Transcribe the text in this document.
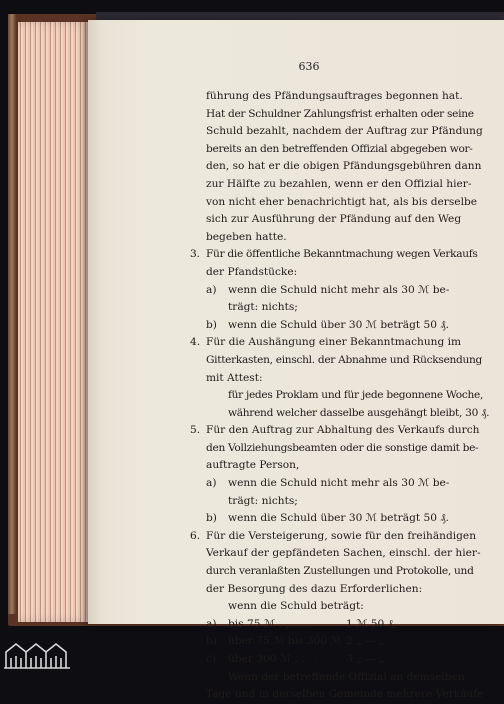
636
führung des Pfändungsauftrages begonnen hat.
Hat der Schuldner Zahlungsfrist erhalten oder seine
Schuld bezahlt, nachdem der Auftrag zur Pfändung
bereits an den betreffenden Offizial abgegeben wor-
den, so hat er die obigen Pfändungsgebühren dann
zur Hälfte zu bezahlen, wenn er den Offizial hier-
von nicht eher benachrichtigt hat, als bis derselbe
sich zur Ausführung der Pfändung auf den Weg
begeben hatte.
3. Für die öffentliche Bekanntmachung wegen Verkaufs
der Pfandstücke:
a) wenn die Schuld nicht mehr als 30 ℳ be-
trägt: nichts;
b) wenn die Schuld über 30 ℳ beträgt 50 ₰.
4. Für die Aushängung einer Bekanntmachung im
Gitterkasten, einschl. der Abnahme und Rücksendung
mit Attest:
für jedes Proklam und für jede begonnene Woche,
während welcher dasselbe ausgehängt bleibt, 30 ₰.
5. Für den Auftrag zur Abhaltung des Verkaufs durch
den Vollziehungsbeamten oder die sonstige damit be-
auftragte Person,
a) wenn die Schuld nicht mehr als 30 ℳ be-
trägt: nichts;
b) wenn die Schuld über 30 ℳ beträgt 50 ₰.
6. Für die Versteigerung, sowie für den freihändigen
Verkauf der gepfändeten Sachen, einschl. der hier-
durch veranlaßten Zustellungen und Protokolle, und
der Besorgung des dazu Erforderlichen:
wenn die Schuld beträgt:
a) bis 75 ℳ . , . . .	1 ℳ 50 ₰,
b) über 75 ℳ bis 300 ℳ 2 „ — „
c) über 300 ℳ . . . .	3 „ — „
Wenn der betreffende Offizial an demselben
Tage und in derselben Gemeinde mehrere Verkäufe
